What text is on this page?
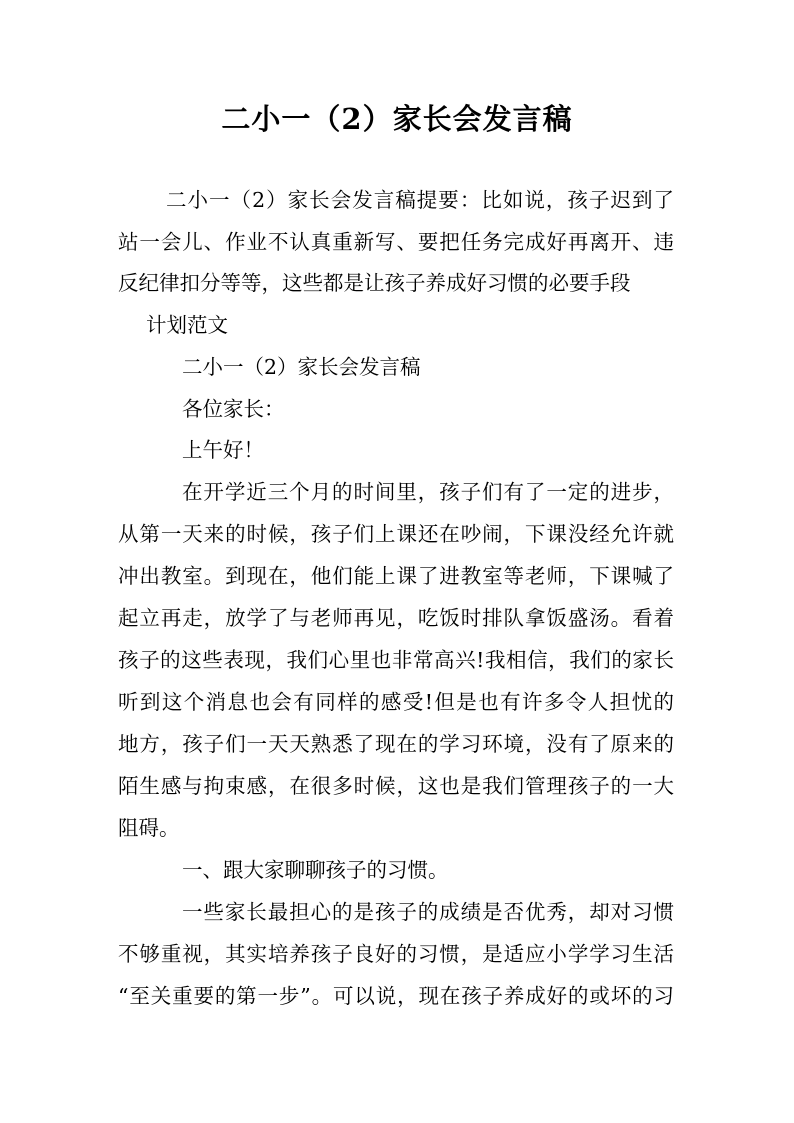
二小一（2）家长会发言稿

二小一（2）家长会发言稿提要：比如说，孩子迟到了

站一会儿、作业不认真重新写、要把任务完成好再离开、违

反纪律扣分等等，这些都是让孩子养成好习惯的必要手段

计划范文

二小一（2）家长会发言稿

各位家长：

上午好！

在开学近三个月的时间里，孩子们有了一定的进步，

从第一天来的时候，孩子们上课还在吵闹，下课没经允许就

冲出教室。到现在，他们能上课了进教室等老师，下课喊了

起立再走，放学了与老师再见，吃饭时排队拿饭盛汤。看着

孩子的这些表现，我们心里也非常高兴!我相信，我们的家长

听到这个消息也会有同样的感受!但是也有许多令人担忧的

地方，孩子们一天天熟悉了现在的学习环境，没有了原来的

陌生感与拘束感，在很多时候，这也是我们管理孩子的一大

阻碍。

一、跟大家聊聊孩子的习惯。

一些家长最担心的是孩子的成绩是否优秀，却对习惯

不够重视，其实培养孩子良好的习惯，是适应小学学习生活

“至关重要的第一步”。可以说，现在孩子养成好的或坏的习
